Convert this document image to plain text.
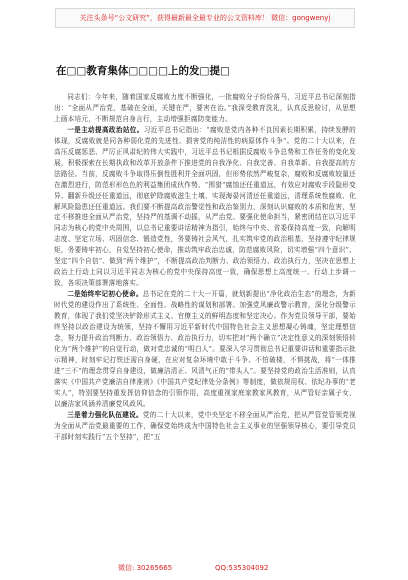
关注头条号“公文研究”，获得最新最全最专业的公文资料库！ 微信：gongwenyj
在□□教育集体□□□□上的发□提□

同志们：今年来，随着国家反腐败力度不断强化，一批腐败分子纷纷落马，习近平总书记深刻指出：“全面从严治党，基础在全面，关键在严，要害在治。”我深受教育洗礼，认真反思检讨，从思想上画本培元，不断规范自身言行，主动增强拒腐防变能力。

一是主动提高政治站位。习近平总书记指出：“腐败是党内各种不良因素长期积累，持续发酵的体现，反腐败就是同各种弱化党的先进性、损害党的纯洁性的病原体作斗争”。党的二十大以来，在高压反腐惩恶、严厉正风肃纪的伟大实践中，习近平总书记根据反腐败斗争总势和工作任务的变化发展，积极探索在长期执政和改革开放条件下推进党的自我净化、自我完善、自我革新、自我提高的方法路径。当前，反腐败斗争取得压倒性胜利并全面巩固，但形势依然严峻复杂，腐败和反腐败较量还在激烈进行，防范形形色色的利益集团成伙作势、“围猎”腐蚀还任重道远，有效应对腐败手段隐形变异、翻新升级还任重道远，彻底铲除腐败滋生土壤、实现海晏河清还任重道远，清理系统性腐败、化解风险隐患还任重道远。我们要不断提高政治警觉性和政治鉴别力，深刻认识腐败的本质和危害，坚定不移推进全面从严治党，坚持严的基调不动摇，从严治党。要强化使命担当，紧密团结在以习近平同志为核心的党中央周围，以总书记重要讲话精神为指引，始终与中央、省委保持高度一致，向解明志度、坚定立场、巩固信念、锻造党性，务要铸社会风气，扎实筑牢党的政治根基，坚持遵守纪律规矩，务要铸牢初心，自觉坚持初心使命，推动筑牢政治忠诚，防范腐败风险，切实增强“四个意识”、坚定“四个自信”、做到“两个维护”，不断提高政治判断力、政治领悟力、政治执行力，坚决在思想上政治上行动上同以习近平同志为核心的党中央保持高度一致，确保思想上高度统一、行动上步调一致，各项决策部署落地落实。

二是始终牢记初心使命。总书记在党的二十大一开篇，就划新提出“净化政治生态”的理念，为新时代党的建设作出了系统性、全面性、战略性的谋划和部署。加强党风廉政警示教育，深化分级警示教育，体现了我们党坚决铲除形式主义、官僚主义的鲜明态度和坚定决心。作为党员领导干部，要始终坚持以政治建设为统领，坚持不懈用习近平新时代中国特色社会主义思想凝心铸魂，坚定理想信念，努力提升政治判断力、政治领悟力、政治执行力，切实把对“两个确立”决定性意义的深刻领悟转化为“两个维护”的自觉行动，做对党忠诚的“明白人”。要深入学习贯彻总书记重要讲话和重要指示批示精神，时刻牢记打铁还需自身硬，在应对复杂环境中敢于斗争、不怕破楼，不惧挑战，将“一体推进”三不“的理念贯穿自身建设，做廉洁清正、风清气正的“带头人”。要坚持党的政治生活准则，认真落实《中国共产党廉洁自律准则》《中国共产党纪律处分条例》等制度，做依规用权、依纪办事的“老实人”，特别要坚持重发挥信仰信念的引领作用，高度重视家庭家教家风教育，从严管好亲属子女，以廉洁家风涵养清廉党风政风。

三是着力强化队伍建设。党的二十大以来，党中央坚定不移全面从严治党，把从严管党管领党视为全面从严治党最重要的工作，确保党始终成为中国特色社会主义事业的坚强领导核心，要引导党员干部时刻实践行“五个坚持”，把“五

微信: 30265665	QQ:535304092
